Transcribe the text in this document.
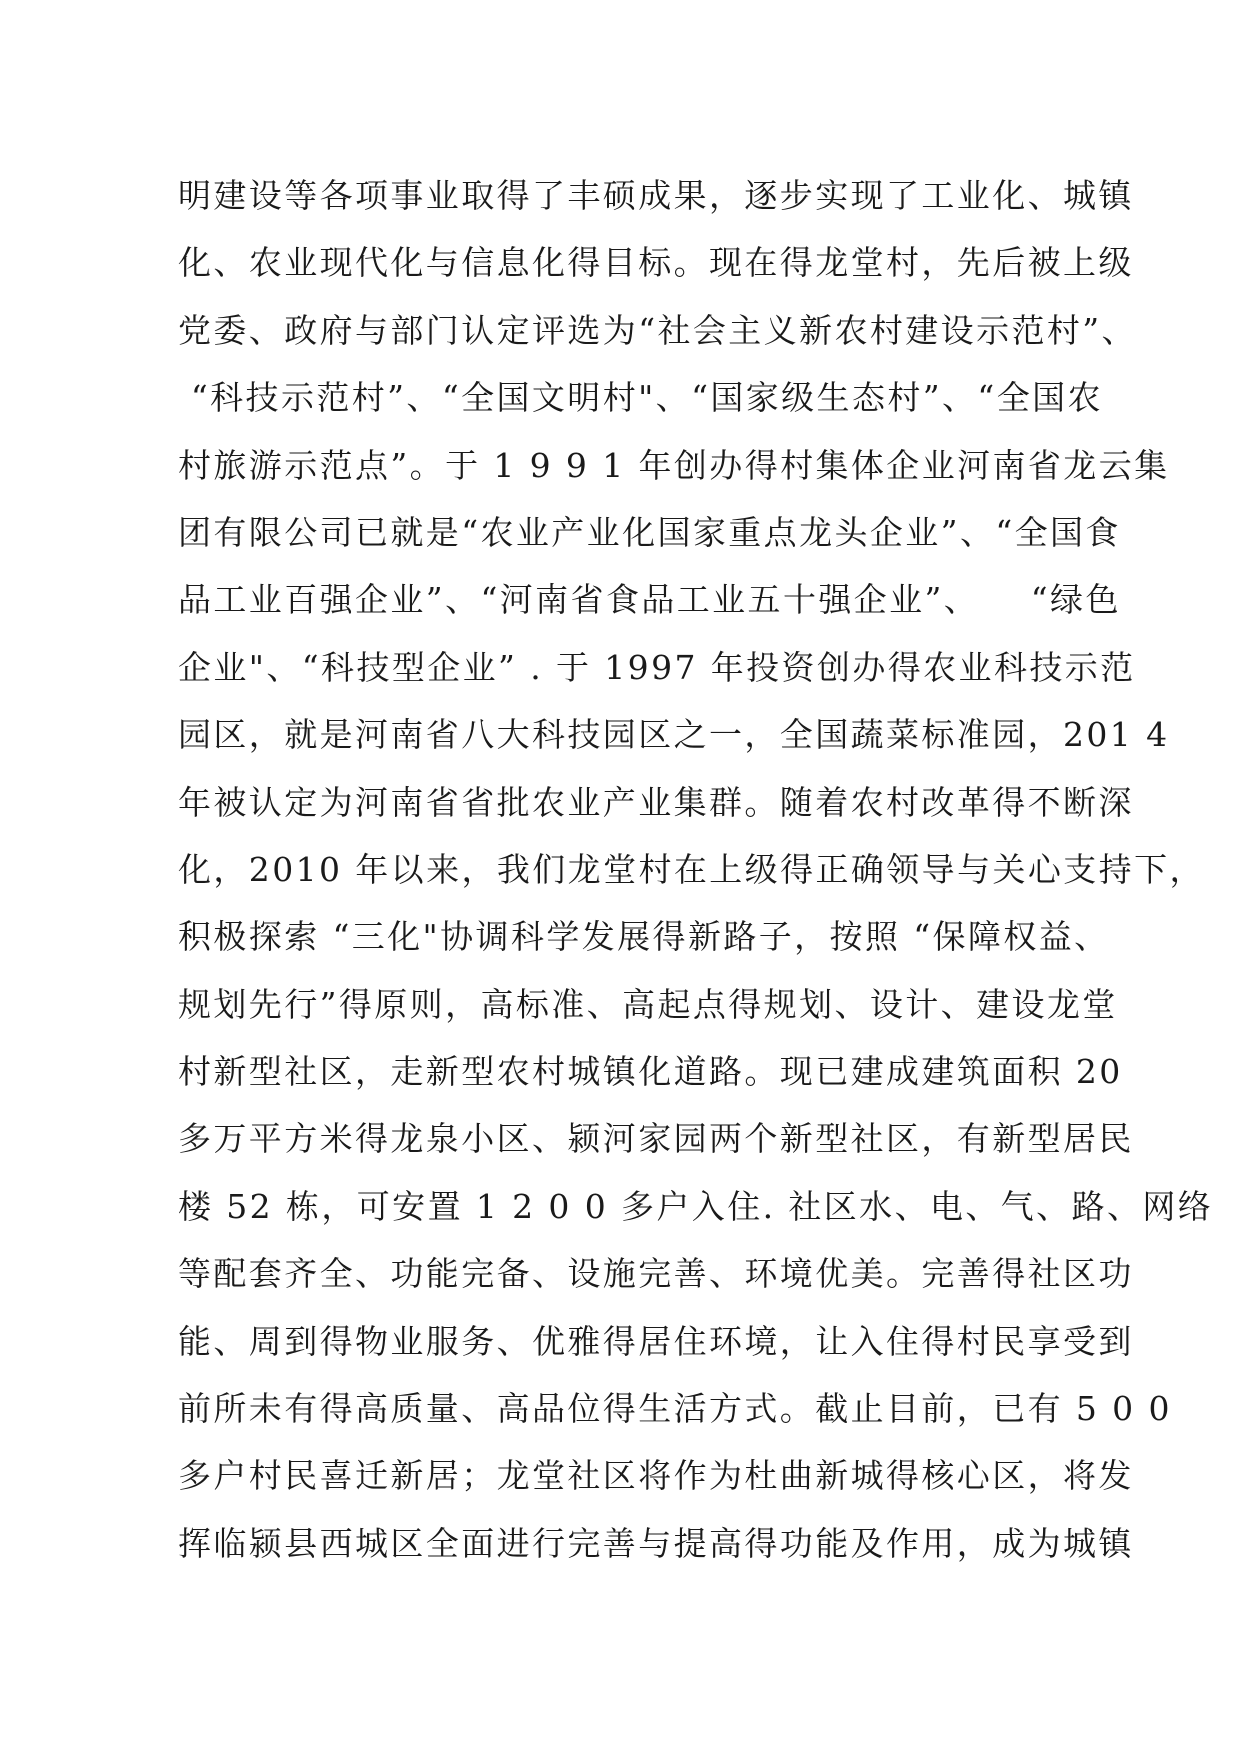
明建设等各项事业取得了丰硕成果，逐步实现了工业化、城镇
化、农业现代化与信息化得目标。现在得龙堂村，先后被上级
党委、政府与部门认定评选为“社会主义新农村建设示范村”、
“科技示范村”、“全国文明村"、“国家级生态村”、“全国农
村旅游示范点”。于 1 9 9 1 年创办得村集体企业河南省龙云集
团有限公司已就是“农业产业化国家重点龙头企业”、“全国食
品工业百强企业”、“河南省食品工业五十强企业”、    “绿色
企业"、“科技型企业” . 于 1997 年投资创办得农业科技示范
园区，就是河南省八大科技园区之一，全国蔬菜标准园，201 4
年被认定为河南省省批农业产业集群。随着农村改革得不断深
化，2010 年以来，我们龙堂村在上级得正确领导与关心支持下，
积极探索 “三化"协调科学发展得新路子，按照 “保障权益、
规划先行”得原则，高标准、高起点得规划、设计、建设龙堂
村新型社区，走新型农村城镇化道路。现已建成建筑面积 20
多万平方米得龙泉小区、颍河家园两个新型社区，有新型居民
楼 52 栋，可安置 1 2 0 0 多户入住. 社区水、电、气、路、网络
等配套齐全、功能完备、设施完善、环境优美。完善得社区功
能、周到得物业服务、优雅得居住环境，让入住得村民享受到
前所未有得高质量、高品位得生活方式。截止目前，已有 5 0 0
多户村民喜迁新居；龙堂社区将作为杜曲新城得核心区，将发
挥临颍县西城区全面进行完善与提高得功能及作用，成为城镇
